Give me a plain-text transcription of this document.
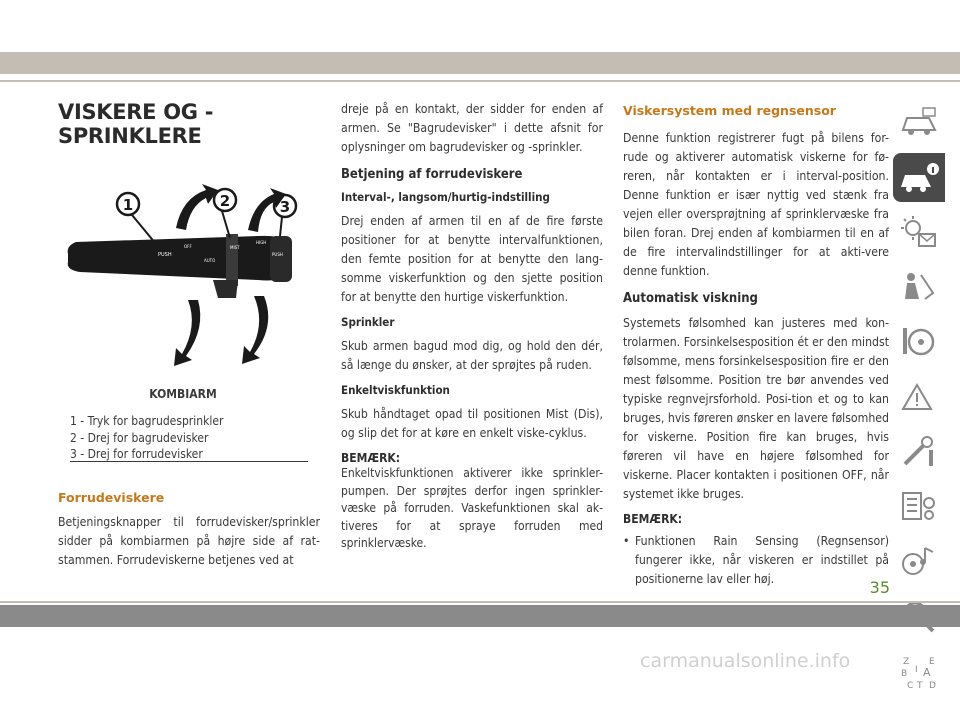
VISKERE OG -SPRINKLERE
PUSH
OFF	MIST
AUTO
HIGH
LO
PUSH
1	2	3
KOMBIARM
1 - Tryk for bagrudesprinkler
2 - Drej for bagrudevisker
3 - Drej for forrudevisker
Forrudeviskere

Betjeningsknapper til forrudevisker/sprinkler sidder på kombiarmen på højre side af rat-stammen. Forrudeviskerne betjenes ved at

dreje på en kontakt, der sidder for enden af armen. Se "Bagrudevisker" i dette afsnit for oplysninger om bagrudevisker og -sprinkler.

Betjening af forrudeviskere
Interval-, langsom/hurtig-indstilling

Drej enden af armen til en af de fire første positioner for at benytte intervalfunktionen, den femte position for at benytte den lang-somme viskerfunktion og den sjette position for at benytte den hurtige viskerfunktion.

Sprinkler

Skub armen bagud mod dig, og hold den dér, så længe du ønsker, at der sprøjtes på ruden.

Enkeltviskfunktion

Skub håndtaget opad til positionen Mist (Dis), og slip det for at køre en enkelt viske-cyklus.

BEMÆRK:

Enkeltviskfunktionen aktiverer ikke sprinkler-pumpen. Der sprøjtes derfor ingen sprinkler-væske på forruden. Vaskefunktionen skal ak-tiveres for at spraye forruden med sprinklervæske.

Viskersystem med regnsensor

Denne funktion registrerer fugt på bilens for-rude og aktiverer automatisk viskerne for fø-reren, når kontakten er i interval-position. Denne funktion er især nyttig ved stænk fra vejen eller oversprøjtning af sprinklervæske fra bilen foran. Drej enden af kombiarmen til en af de fire intervalindstillinger for at akti-vere denne funktion.

Automatisk viskning

Systemets følsomhed kan justeres med kon-trolarmen. Forsinkelsesposition ét er den mindst følsomme, mens forsinkelsesposition fire er den mest følsomme. Position tre bør anvendes ved typiske regnvejrsforhold. Posi-tion et og to kan bruges, hvis føreren ønsker en lavere følsomhed for viskerne. Position fire kan bruges, hvis føreren vil have en højere følsomhed for viskerne. Placer kontakten i positionen OFF, når systemet ikke bruges.

BEMÆRK:
• Funktionen Rain Sensing (Regnsensor) fungerer ikke, når viskeren er indstillet på positionerne lav eller høj.
Z E
B A
C D
T
I
35
carmanualsonline.info
